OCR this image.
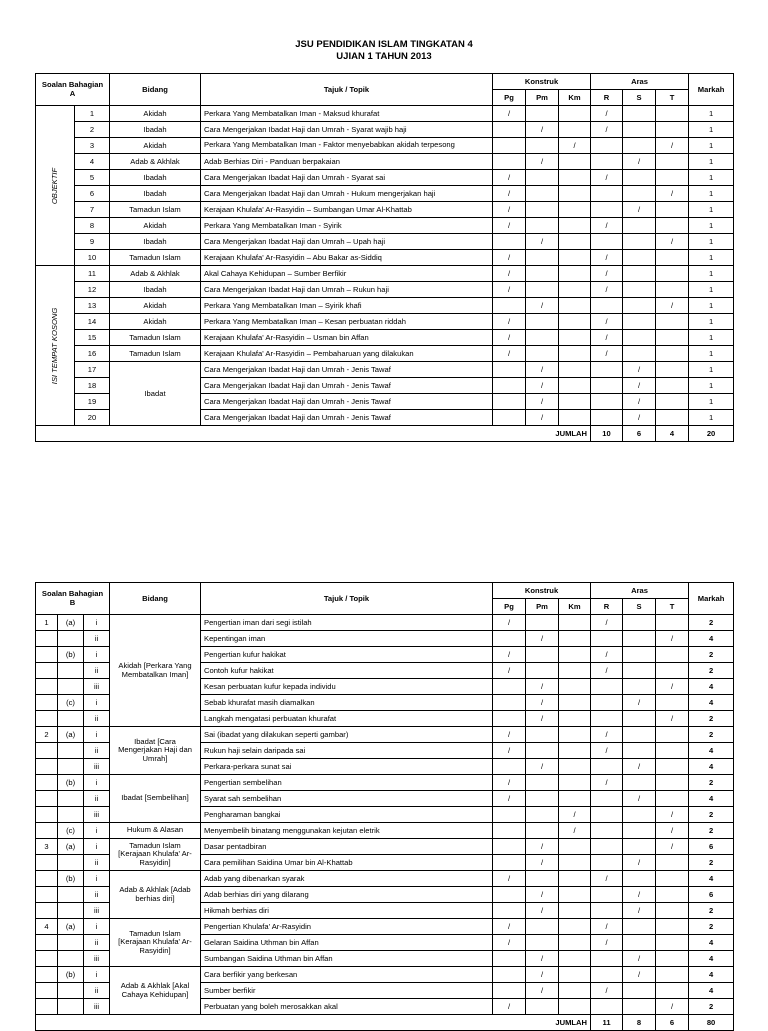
JSU PENDIDIKAN ISLAM TINGKATAN 4
UJIAN 1 TAHUN 2013
Soalan Bahagian A		Bidang	Tajuk / Topik	Konstruk			Aras			Markah
				Pg	Pm	Km	R	S	T	

OBJEKTIF	1	Akidah	Perkara Yang Membatalkan Iman - Maksud khurafat	/			/			1
	2	Ibadah	Cara Mengerjakan Ibadat Haji dan Umrah - Syarat wajib haji		/		/			1
	3	Akidah	Perkara Yang Membatalkan Iman - Faktor menyebabkan akidah terpesong			/			/	1
	4	Adab & Akhlak	Adab Berhias Diri - Panduan berpakaian		/			/		1
	5	Ibadah	Cara Mengerjakan Ibadat Haji dan Umrah - Syarat sai	/			/			1
	6	Ibadah	Cara Mengerjakan Ibadat Haji dan Umrah - Hukum mengerjakan haji	/					/	1
	7	Tamadun Islam	Kerajaan Khulafa' Ar-Rasyidin – Sumbangan Umar Al-Khattab	/				/		1
	8	Akidah	Perkara Yang Membatalkan Iman - Syirik	/			/			1
	9	Ibadah	Cara Mengerjakan Ibadat Haji dan Umrah – Upah haji		/				/	1
	10	Tamadun Islam	Kerajaan Khulafa' Ar-Rasyidin – Abu Bakar as-Siddiq	/			/			1

ISI TEMPAT KOSONG	11	Adab & Akhlak	Akal Cahaya Kehidupan – Sumber Berfikir	/			/			1
	12	Ibadah	Cara Mengerjakan Ibadat Haji dan Umrah – Rukun haji	/			/			1
	13	Akidah	Perkara Yang Membatalkan Iman – Syirik khafi		/				/	1
	14	Akidah	Perkara Yang Membatalkan Iman – Kesan perbuatan riddah	/			/			1
	15	Tamadun Islam	Kerajaan Khulafa' Ar-Rasyidin – Usman bin Affan	/			/			1
	16	Tamadun Islam	Kerajaan Khulafa' Ar-Rasyidin – Pembaharuan yang dilakukan	/			/			1
	17	Ibadat	Cara Mengerjakan Ibadat Haji dan Umrah - Jenis Tawaf		/			/		1
	18		Cara Mengerjakan Ibadat Haji dan Umrah - Jenis Tawaf		/			/		1
	19		Cara Mengerjakan Ibadat Haji dan Umrah - Jenis Tawaf		/			/		1
	20		Cara Mengerjakan Ibadat Haji dan Umrah - Jenis Tawaf		/			/		1
JUMLAH							10	6	4	20
Soalan Bahagian B			Bidang	Tajuk / Topik	Konstruk			Aras			Markah
					Pg	Pm	Km	R	S	T	
1	(a)	i	Akidah [Perkara Yang Membatalkan Iman]	Pengertian iman dari segi istilah	/			/			2
		ii		Kepentingan iman		/				/	4
	(b)	i		Pengertian kufur hakikat	/			/			2
		ii		Contoh kufur hakikat	/			/			2
		iii		Kesan perbuatan kufur kepada individu		/				/	4
	(c)	i		Sebab khurafat masih diamalkan		/			/		4
		ii		Langkah mengatasi perbuatan khurafat		/				/	2
2	(a)	i	Ibadat [Cara Mengerjakan Haji dan Umrah]	Sai (ibadat yang dilakukan seperti gambar)	/			/			2
		ii		Rukun haji selain daripada sai	/			/			4
		iii		Perkara-perkara sunat sai		/			/		4
	(b)	i	Ibadat [Sembelihan]	Pengertian sembelihan	/			/			2
		ii		Syarat sah sembelihan	/				/		4
		iii		Pengharaman bangkai			/			/	2
	(c)	i	Hukum & Alasan	Menyembelih binatang menggunakan kejutan eletrik			/			/	2
3	(a)	i	Tamadun Islam [Kerajaan Khulafa' Ar-Rasyidin]	Dasar pentadbiran		/				/	6
		ii		Cara pemilihan Saidina Umar bin Al-Khattab		/			/		2
	(b)	i	Adab & Akhlak [Adab berhias diri]	Adab yang dibenarkan syarak	/			/			4
		ii		Adab berhias diri yang dilarang		/			/		6
		iii		Hikmah berhias diri		/			/		2
4	(a)	i	Tamadun Islam [Kerajaan Khulafa' Ar-Rasyidin]	Pengertian Khulafa' Ar-Rasyidin	/			/			2
		ii		Gelaran Saidina Uthman bin Affan	/			/			4
		iii		Sumbangan Saidina Uthman bin Affan		/			/		4
	(b)	i	Adab & Akhlak [Akal Cahaya Kehidupan]	Cara berfikir yang berkesan		/			/		4
		ii		Sumber berfikir		/		/			4
		iii		Perbuatan yang boleh merosakkan akal	/					/	2
JUMLAH								11	8	6	80
